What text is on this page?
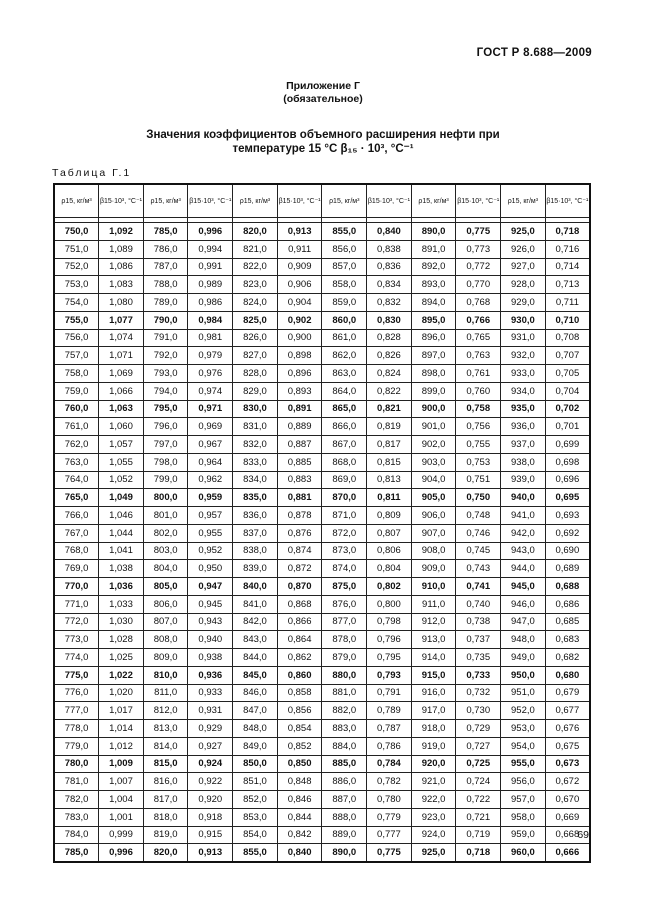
ГОСТ Р 8.688—2009
Приложение Г
(обязательное)
Значения коэффициентов объемного расширения нефти при
температуре 15 °С β₁₅ · 10³, °С⁻¹
Таблица Г.1
ρ15, кг/м³	β15·10³, °С⁻¹	ρ15, кг/м³	β15·10³, °С⁻¹	ρ15, кг/м³	β15·10³, °С⁻¹	ρ15, кг/м³	β15·10³, °С⁻¹	ρ15, кг/м³	β15·10³, °С⁻¹	ρ15, кг/м³	β15·10³, °С⁻¹

750,0	1,092	785,0	0,996	820,0	0,913	855,0	0,840	890,0	0,775	925,0	0,718
751,0	1,089	786,0	0,994	821,0	0,911	856,0	0,838	891,0	0,773	926,0	0,716
752,0	1,086	787,0	0,991	822,0	0,909	857,0	0,836	892,0	0,772	927,0	0,714
753,0	1,083	788,0	0,989	823,0	0,906	858,0	0,834	893,0	0,770	928,0	0,713
754,0	1,080	789,0	0,986	824,0	0,904	859,0	0,832	894,0	0,768	929,0	0,711
755,0	1,077	790,0	0,984	825,0	0,902	860,0	0,830	895,0	0,766	930,0	0,710
756,0	1,074	791,0	0,981	826,0	0,900	861,0	0,828	896,0	0,765	931,0	0,708
757,0	1,071	792,0	0,979	827,0	0,898	862,0	0,826	897,0	0,763	932,0	0,707
758,0	1,069	793,0	0,976	828,0	0,896	863,0	0,824	898,0	0,761	933,0	0,705
759,0	1,066	794,0	0,974	829,0	0,893	864,0	0,822	899,0	0,760	934,0	0,704
760,0	1,063	795,0	0,971	830,0	0,891	865,0	0,821	900,0	0,758	935,0	0,702
761,0	1,060	796,0	0,969	831,0	0,889	866,0	0,819	901,0	0,756	936,0	0,701
762,0	1,057	797,0	0,967	832,0	0,887	867,0	0,817	902,0	0,755	937,0	0,699
763,0	1,055	798,0	0,964	833,0	0,885	868,0	0,815	903,0	0,753	938,0	0,698
764,0	1,052	799,0	0,962	834,0	0,883	869,0	0,813	904,0	0,751	939,0	0,696
765,0	1,049	800,0	0,959	835,0	0,881	870,0	0,811	905,0	0,750	940,0	0,695
766,0	1,046	801,0	0,957	836,0	0,878	871,0	0,809	906,0	0,748	941,0	0,693
767,0	1,044	802,0	0,955	837,0	0,876	872,0	0,807	907,0	0,746	942,0	0,692
768,0	1,041	803,0	0,952	838,0	0,874	873,0	0,806	908,0	0,745	943,0	0,690
769,0	1,038	804,0	0,950	839,0	0,872	874,0	0,804	909,0	0,743	944,0	0,689
770,0	1,036	805,0	0,947	840,0	0,870	875,0	0,802	910,0	0,741	945,0	0,688
771,0	1,033	806,0	0,945	841,0	0,868	876,0	0,800	911,0	0,740	946,0	0,686
772,0	1,030	807,0	0,943	842,0	0,866	877,0	0,798	912,0	0,738	947,0	0,685
773,0	1,028	808,0	0,940	843,0	0,864	878,0	0,796	913,0	0,737	948,0	0,683
774,0	1,025	809,0	0,938	844,0	0,862	879,0	0,795	914,0	0,735	949,0	0,682
775,0	1,022	810,0	0,936	845,0	0,860	880,0	0,793	915,0	0,733	950,0	0,680
776,0	1,020	811,0	0,933	846,0	0,858	881,0	0,791	916,0	0,732	951,0	0,679
777,0	1,017	812,0	0,931	847,0	0,856	882,0	0,789	917,0	0,730	952,0	0,677
778,0	1,014	813,0	0,929	848,0	0,854	883,0	0,787	918,0	0,729	953,0	0,676
779,0	1,012	814,0	0,927	849,0	0,852	884,0	0,786	919,0	0,727	954,0	0,675
780,0	1,009	815,0	0,924	850,0	0,850	885,0	0,784	920,0	0,725	955,0	0,673
781,0	1,007	816,0	0,922	851,0	0,848	886,0	0,782	921,0	0,724	956,0	0,672
782,0	1,004	817,0	0,920	852,0	0,846	887,0	0,780	922,0	0,722	957,0	0,670
783,0	1,001	818,0	0,918	853,0	0,844	888,0	0,779	923,0	0,721	958,0	0,669
784,0	0,999	819,0	0,915	854,0	0,842	889,0	0,777	924,0	0,719	959,0	0,668
785,0	0,996	820,0	0,913	855,0	0,840	890,0	0,775	925,0	0,718	960,0	0,666
69
